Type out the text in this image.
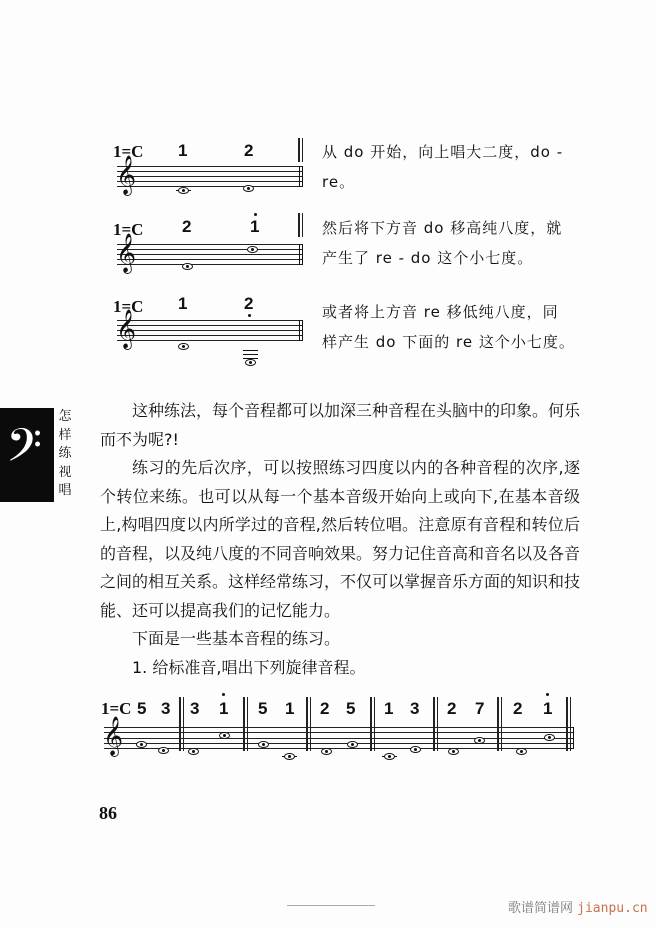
1=C 1	2
𝄞
从 do 开始，向上唱大二度，do -
re。
1=C 2	1
𝄞
然后将下方音 do 移高纯八度，就
产生了 re - do 这个小七度。
1=C 1	2
𝄞	或者将上方音 re 移低纯八度，同
样产生 do 下面的 re 这个小七度。
𝄢
怎
样
练
视
唱

这种练法，每个音程都可以加深三种音程在头脑中的印象。何乐而不为呢?!

练习的先后次序，可以按照练习四度以内的各种音程的次序,逐个转位来练。也可以从每一个基本音级开始向上或向下,在基本音级上,构唱四度以内所学过的音程,然后转位唱。注意原有音程和转位后的音程，以及纯八度的不同音响效果。努力记住音高和音名以及各音之间的相互关系。这样经常练习，不仅可以掌握音乐方面的知识和技能、还可以提高我们的记忆能力。

下面是一些基本音程的练习。

1. 给标准音,唱出下列旋律音程。

1=C
𝄞
5 3 3 1 5 1 2 5 1 3 2 7 2 1
86
歌谱简谱网 jianpu.cn
